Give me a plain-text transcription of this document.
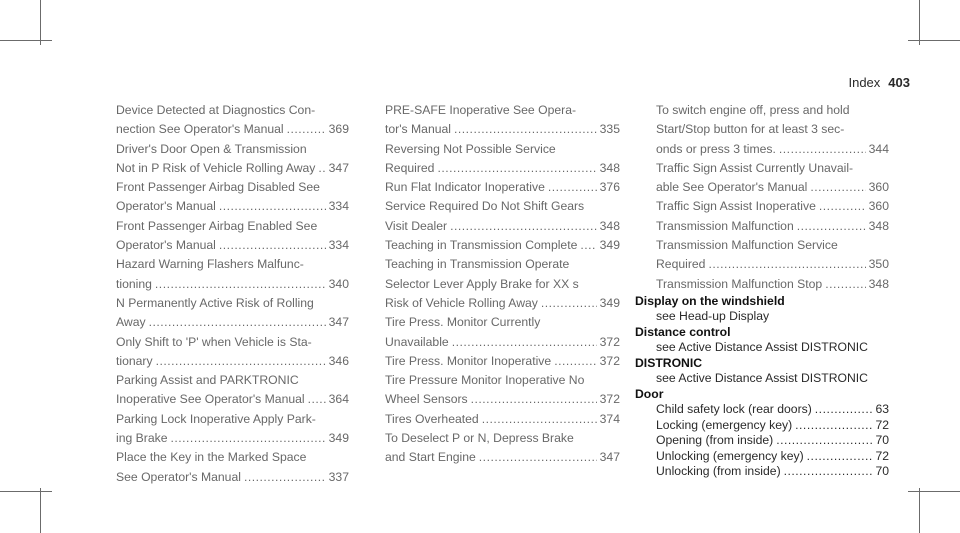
Index 403
Device Detected at Diagnostics Con-
nection See Operator's Manual .....	369
Driver's Door Open & Transmission
Not in P Risk of Vehicle Rolling Away ..... 347
Front Passenger Airbag Disabled See
Operator's Manual .....	334
Front Passenger Airbag Enabled See
Operator's Manual .....	334
Hazard Warning Flashers Malfunc-
tioning .....	340
N Permanently Active Risk of Rolling
Away .....	347
Only Shift to 'P' when Vehicle is Sta-
tionary .....	346
Parking Assist and PARKTRONIC
Inoperative See Operator's Manual ..... 364
Parking Lock Inoperative Apply Park-
ing Brake .....	349
Place the Key in the Marked Space
See Operator's Manual .....	337
PRE-SAFE Inoperative See Opera-
tor's Manual .....	335
Reversing Not Possible Service
Required .....	348
Run Flat Indicator Inoperative .....	376
Service Required Do Not Shift Gears
Visit Dealer .....	348
Teaching in Transmission Complete ..... 349
Teaching in Transmission Operate
Selector Lever Apply Brake for XX s
Risk of Vehicle Rolling Away .....	349
Tire Press. Monitor Currently
Unavailable .....	372
Tire Press. Monitor Inoperative .....	372
Tire Pressure Monitor Inoperative No
Wheel Sensors .....	372
Tires Overheated .....	374
To Deselect P or N, Depress Brake
and Start Engine .....	347
To switch engine off, press and hold
Start/Stop button for at least 3 sec-
onds or press 3 times. .....	344
Traffic Sign Assist Currently Unavail-
able See Operator's Manual .....	360
Traffic Sign Assist Inoperative .....	360
Transmission Malfunction .....	348
Transmission Malfunction Service
Required .....	350
Transmission Malfunction Stop .....	348
Display on the windshield
see Head-up Display
Distance control
see Active Distance Assist DISTRONIC
DISTRONIC
see Active Distance Assist DISTRONIC
Door
Child safety lock (rear doors) .....	63
Locking (emergency key) .....	72
Opening (from inside) .....	70
Unlocking (emergency key) .....	72
Unlocking (from inside) .....	70
